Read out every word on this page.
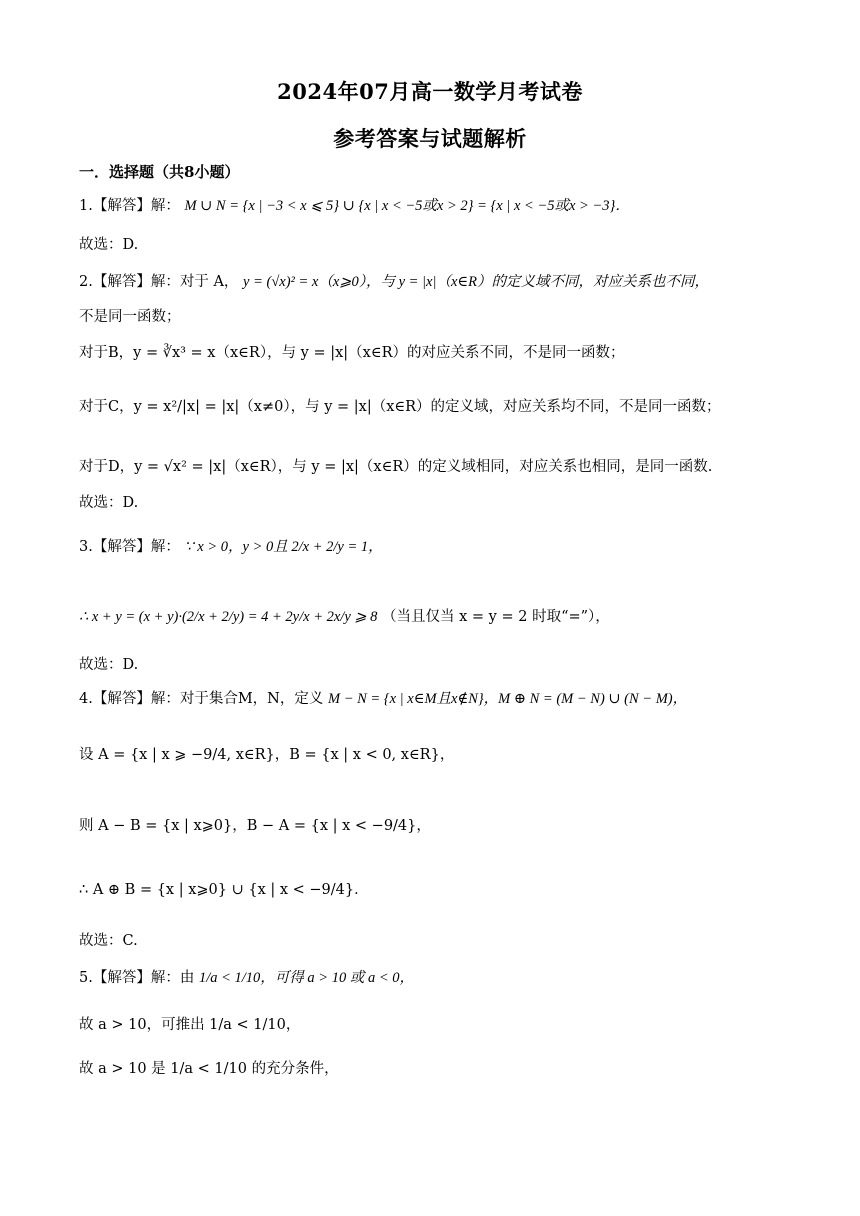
2024年07月高一数学月考试卷
参考答案与试题解析
一．选择题（共8小题）
1.【解答】解： M ∪ N = {x | −3 < x ⩽ 5} ∪ {x | x < −5或x > 2} = {x | x < −5或x > −3}．
故选：D.
2.【解答】解：对于 A， y = (√x)² = x（x⩾0），与 y = |x|（x∈R）的定义域不同，对应关系也不同，
不是同一函数；
对于B，y = ∛x³ = x（x∈R），与 y = |x|（x∈R）的对应关系不同，不是同一函数；
对于C，y = x²/|x| = |x|（x≠0），与 y = |x|（x∈R）的定义域，对应关系均不同，不是同一函数；
对于D，y = √x² = |x|（x∈R），与 y = |x|（x∈R）的定义域相同，对应关系也相同，是同一函数.
故选：D.
3.【解答】解： ∵ x > 0，y > 0且 2/x + 2/y = 1，
∴ x + y = (x + y)·(2/x + 2/y) = 4 + 2y/x + 2x/y ⩾ 8 （当且仅当 x = y = 2 时取“=”），
故选：D.
4.【解答】解：对于集合M，N，定义 M − N = {x | x∈M且x∉N}，M ⊕ N = (M − N) ∪ (N − M)，
设 A = {x | x ⩾ −9/4, x∈R}，B = {x | x < 0, x∈R}，
则 A − B = {x | x⩾0}，B − A = {x | x < −9/4}，
∴ A ⊕ B = {x | x⩾0} ∪ {x | x < −9/4}．
故选：C.
5.【解答】解：由 1/a < 1/10，可得 a > 10 或 a < 0，
故 a > 10，可推出 1/a < 1/10，
故 a > 10 是 1/a < 1/10 的充分条件，
